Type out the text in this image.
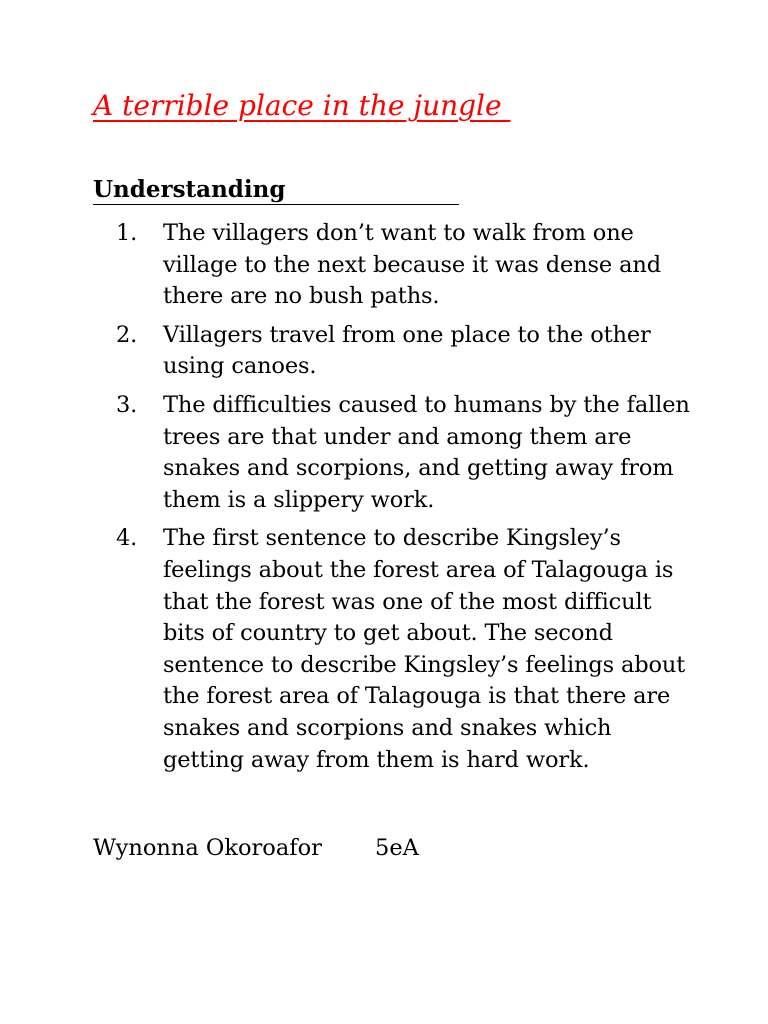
A terrible place in the jungle
Understanding
1. The villagers don’t want to walk from one village to the next because it was dense and there are no bush paths.
2. Villagers travel from one place to the other using canoes.
3. The difficulties caused to humans by the fallen trees are that under and among them are snakes and scorpions, and getting away from them is a slippery work.
4. The first sentence to describe Kingsley’s feelings about the forest area of Talagouga is that the forest was one of the most difficult bits of country to get about. The second sentence to describe Kingsley’s feelings about the forest area of Talagouga is that there are snakes and scorpions and snakes which getting away from them is hard work.
Wynonna Okoroafor 5eA
